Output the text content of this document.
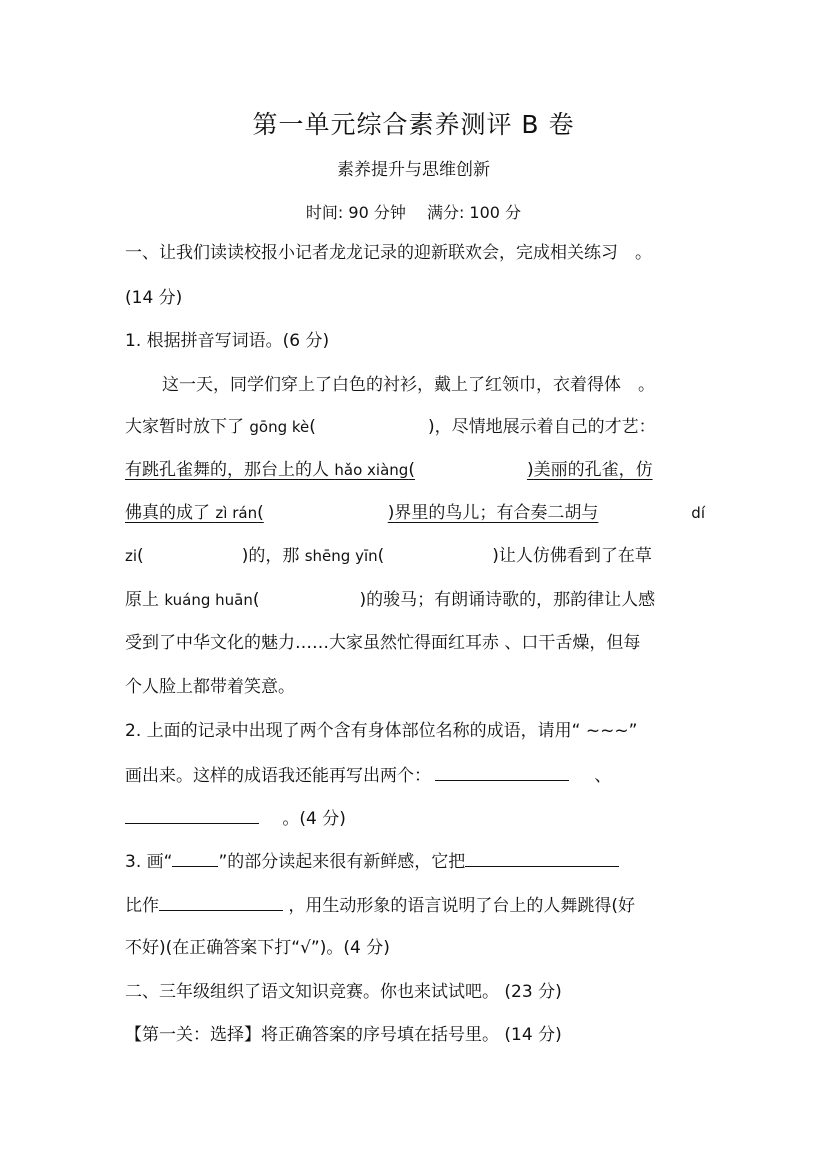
第一单元综合素养测评 B 卷
素养提升与思维创新
时间: 90 分钟 满分: 100 分
一、让我们读读校报小记者龙龙记录的迎新联欢会，完成相关练习　。
(14 分)
1. 根据拼音写词语。(6 分)
这一天，同学们穿上了白色的衬衫，戴上了红领巾，衣着得体　。
大家暂时放下了 gōng kè(	)，尽情地展示着自己的才艺：
有跳孔雀舞的，那台上的人 hǎo xiàng(	)美丽的孔雀，仿
佛真的成了 zì rán(	)界里的鸟儿；有合奏二胡与	dí
zi(	)的，那 shēng yīn(	)让人仿佛看到了在草
原上 kuáng huān(	)的骏马；有朗诵诗歌的，那韵律让人感
受到了中华文化的魅力……大家虽然忙得面红耳赤 、口干舌燥，但每
个人脸上都带着笑意。
2. 上面的记录中出现了两个含有身体部位名称的成语，请用“ ~~~”
画出来。这样的成语我还能再写出两个：	、
。(4 分)
3. 画“	”的部分读起来很有新鲜感，它把
比作	，用生动形象的语言说明了台上的人舞跳得(好
不好)(在正确答案下打“√”)。(4 分)
二、三年级组织了语文知识竞赛。你也来试试吧。 (23 分)
【第一关：选择】将正确答案的序号填在括号里。 (14 分)
